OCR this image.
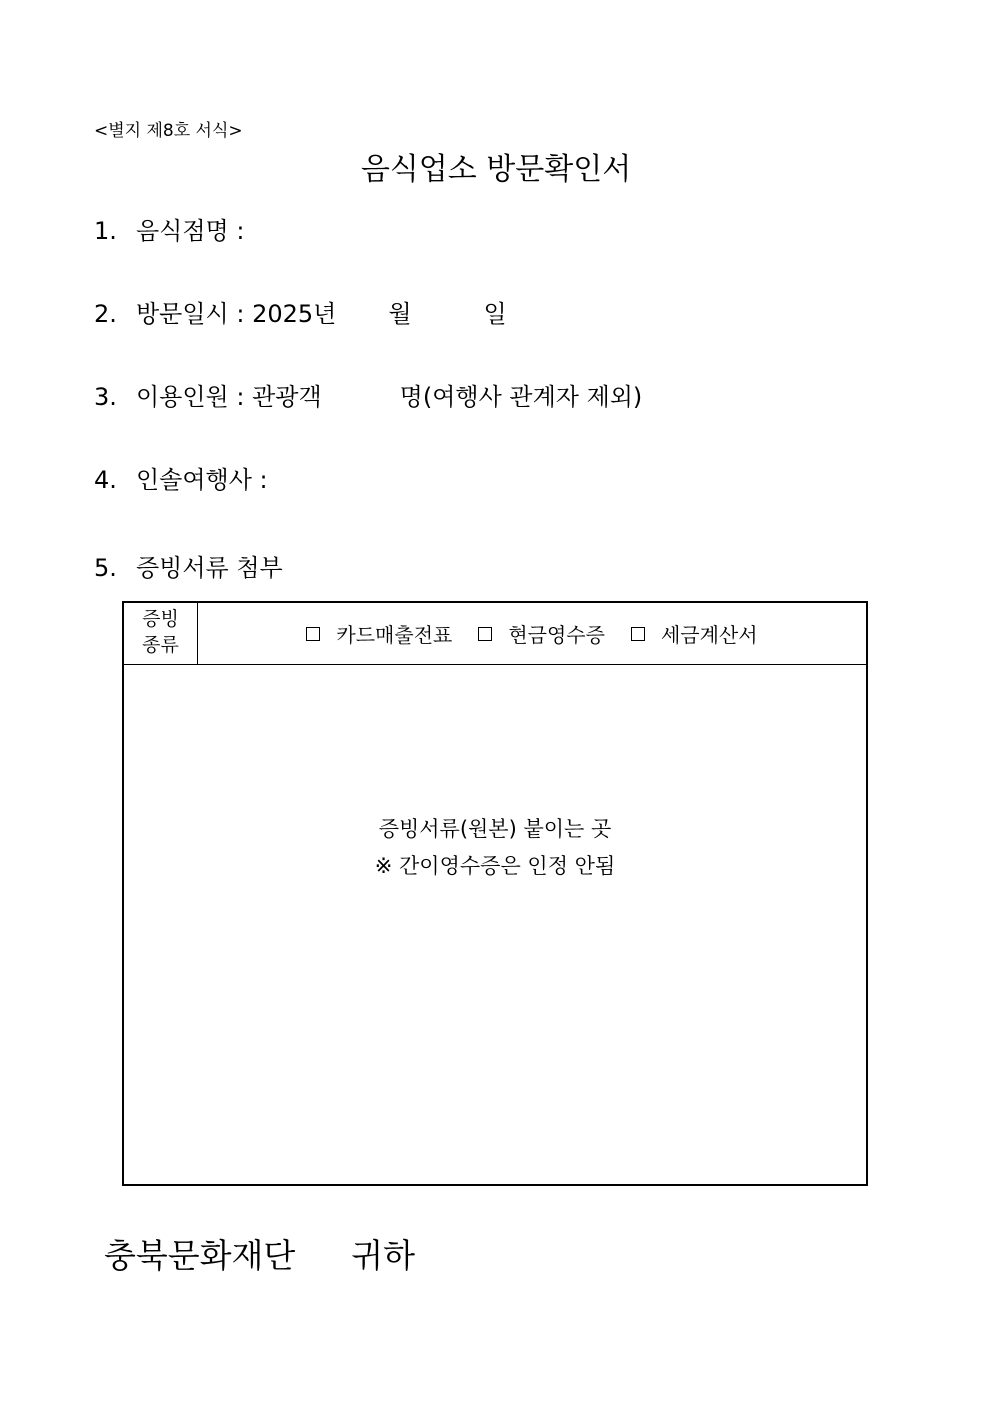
<별지 제8호 서식>
음식업소 방문확인서
1. 음식점명 :
2. 방문일시 : 2025년 월	일
3. 이용인원 : 관광객	명(여행사 관계자 제외)
4. 인솔여행사 :
5. 증빙서류 첨부
증빙
종류	카드매출전표	현금영수증	세금계산서
증빙서류(원본) 붙이는 곳
※ 간이영수증은 인정 안됨
충북문화재단 귀하
